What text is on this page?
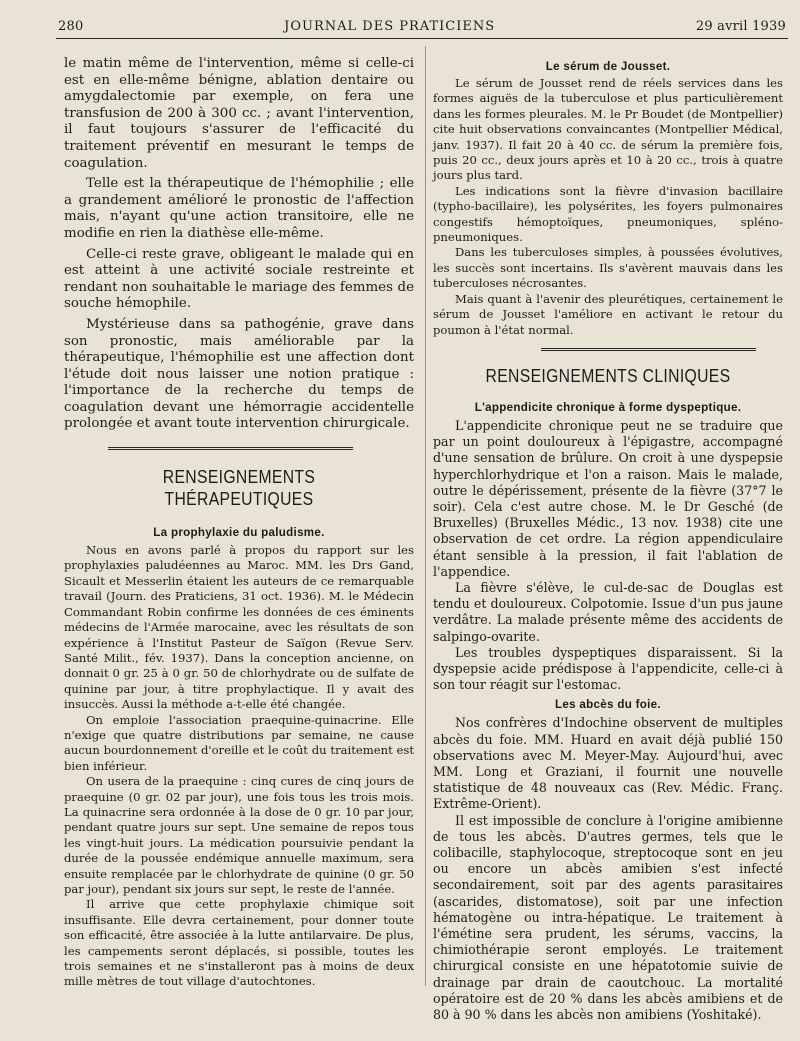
280	JOURNAL DES PRATICIENS	29 avril 1939

le matin même de l'intervention, même si celle-ci est en elle-même bénigne, ablation dentaire ou amygdalectomie par exemple, on fera une transfusion de 200 à 300 cc. ; avant l'intervention, il faut toujours s'assurer de l'efficacité du traitement préventif en mesurant le temps de coagulation.

Telle est la thérapeutique de l'hémophilie ; elle a grandement amélioré le pronostic de l'affection mais, n'ayant qu'une action transitoire, elle ne modifie en rien la diathèse elle-même.

Celle-ci reste grave, obligeant le malade qui en est atteint à une activité sociale restreinte et rendant non souhaitable le mariage des femmes de souche hémophile.

Mystérieuse dans sa pathogénie, grave dans son pronostic, mais améliorable par la thérapeutique, l'hémophilie est une affection dont l'étude doit nous laisser une notion pratique : l'importance de la recherche du temps de coagulation devant une hémorragie accidentelle prolongée et avant toute intervention chirurgicale.

RENSEIGNEMENTS THÉRAPEUTIQUES
La prophylaxie du paludisme.

Nous en avons parlé à propos du rapport sur les prophylaxies paludéennes au Maroc. MM. les Drs Gand, Sicault et Messerlin étaient les auteurs de ce remarquable travail (Journ. des Praticiens, 31 oct. 1936). M. le Médecin Commandant Robin confirme les données de ces éminents médecins de l'Armée marocaine, avec les résultats de son expérience à l'Institut Pasteur de Saïgon (Revue Serv. Santé Milit., fév. 1937). Dans la conception ancienne, on donnait 0 gr. 25 à 0 gr. 50 de chlorhydrate ou de sulfate de quinine par jour, à titre prophylactique. Il y avait des insuccès. Aussi la méthode a-t-elle été changée.

On emploie l'association praequine-quinacrine. Elle n'exige que quatre distributions par semaine, ne cause aucun bourdonnement d'oreille et le coût du traitement est bien inférieur.

On usera de la praequine : cinq cures de cinq jours de praequine (0 gr. 02 par jour), une fois tous les trois mois. La quinacrine sera ordonnée à la dose de 0 gr. 10 par jour, pendant quatre jours sur sept. Une semaine de repos tous les vingt-huit jours. La médication poursuivie pendant la durée de la poussée endémique annuelle maximum, sera ensuite remplacée par le chlorhydrate de quinine (0 gr. 50 par jour), pendant six jours sur sept, le reste de l'année.

Il arrive que cette prophylaxie chimique soit insuffisante. Elle devra certainement, pour donner toute son efficacité, être associée à la lutte antilarvaire. De plus, les campements seront déplacés, si possible, toutes les trois semaines et ne s'installeront pas à moins de deux mille mètres de tout village d'autochtones.

Le sérum de Jousset.

Le sérum de Jousset rend de réels services dans les formes aiguës de la tuberculose et plus particulièrement dans les formes pleurales. M. le Pr Boudet (de Montpellier) cite huit observations convaincantes (Montpellier Médical, janv. 1937). Il fait 20 à 40 cc. de sérum la première fois, puis 20 cc., deux jours après et 10 à 20 cc., trois à quatre jours plus tard.

Les indications sont la fièvre d'invasion bacillaire (typho-bacillaire), les polysérites, les foyers pulmonaires congestifs hémoptoïques, pneumoniques, spléno-pneumoniques.

Dans les tuberculoses simples, à poussées évolutives, les succès sont incertains. Ils s'avèrent mauvais dans les tuberculoses nécrosantes.

Mais quant à l'avenir des pleurétiques, certainement le sérum de Jousset l'améliore en activant le retour du poumon à l'état normal.

RENSEIGNEMENTS CLINIQUES
L'appendicite chronique à forme dyspeptique.

L'appendicite chronique peut ne se traduire que par un point douloureux à l'épigastre, accompagné d'une sensation de brûlure. On croit à une dyspepsie hyperchlorhydrique et l'on a raison. Mais le malade, outre le dépérissement, présente de la fièvre (37°7 le soir). Cela c'est autre chose. M. le Dr Gesché (de Bruxelles) (Bruxelles Médic., 13 nov. 1938) cite une observation de cet ordre. La région appendiculaire étant sensible à la pression, il fait l'ablation de l'appendice.

La fièvre s'élève, le cul-de-sac de Douglas est tendu et douloureux. Colpotomie. Issue d'un pus jaune verdâtre. La malade présente même des accidents de salpingo-ovarite.

Les troubles dyspeptiques disparaissent. Si la dyspepsie acide prédispose à l'appendicite, celle-ci à son tour réagit sur l'estomac.

Les abcès du foie.

Nos confrères d'Indochine observent de multiples abcès du foie. MM. Huard en avait déjà publié 150 observations avec M. Meyer-May. Aujourd'hui, avec MM. Long et Graziani, il fournit une nouvelle statistique de 48 nouveaux cas (Rev. Médic. Franç. Extrême-Orient).

Il est impossible de conclure à l'origine amibienne de tous les abcès. D'autres germes, tels que le colibacille, staphylocoque, streptocoque sont en jeu ou encore un abcès amibien s'est infecté secondairement, soit par des agents parasitaires (ascarides, distomatose), soit par une infection hématogène ou intra-hépatique. Le traitement à l'émétine sera prudent, les sérums, vaccins, la chimiothérapie seront employés. Le traitement chirurgical consiste en une hépatotomie suivie de drainage par drain de caoutchouc. La mortalité opératoire est de 20 % dans les abcès amibiens et de 80 à 90 % dans les abcès non amibiens (Yoshitaké).
